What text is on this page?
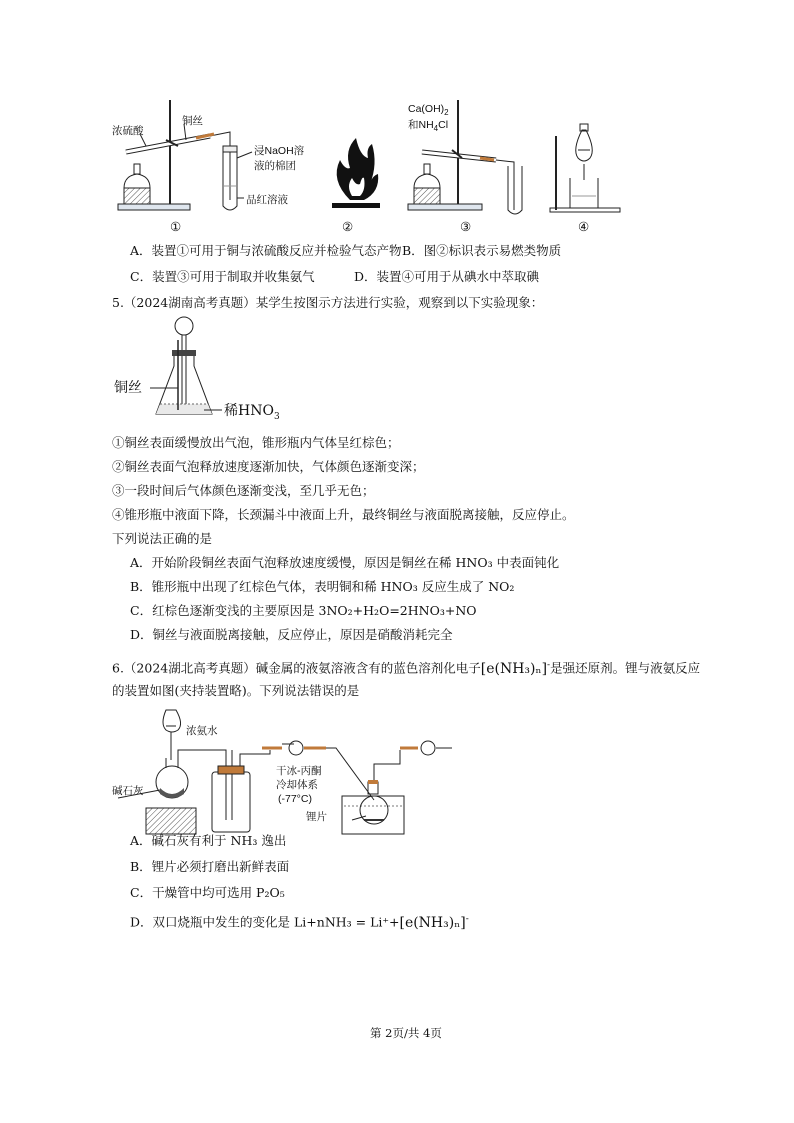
浓硫酸
铜丝
浸NaOH溶
液的棉团
品红溶液
$Ca(OH)_2$
和$NH_4Cl$
①	②	③	④
A．装置①可用于铜与浓硫酸反应并检验气态产物 B．图②标识表示易燃类物质
C．装置③可用于制取并收集氨气	D．装置④可用于从碘水中萃取碘
5.（2024湖南高考真题）某学生按图示方法进行实验，观察到以下实验现象：
铜丝
稀$HNO_3$
①铜丝表面缓慢放出气泡，锥形瓶内气体呈红棕色；
②铜丝表面气泡释放速度逐渐加快，气体颜色逐渐变深；
③一段时间后气体颜色逐渐变浅，至几乎无色；
④锥形瓶中液面下降，长颈漏斗中液面上升，最终铜丝与液面脱离接触，反应停止。
下列说法正确的是
A．开始阶段铜丝表面气泡释放速度缓慢，原因是铜丝在稀 HNO₃ 中表面钝化
B．锥形瓶中出现了红棕色气体，表明铜和稀 HNO₃ 反应生成了 NO₂
C．红棕色逐渐变浅的主要原因是 3NO₂+H₂O=2HNO₃+NO
D．铜丝与液面脱离接触，反应停止，原因是硝酸消耗完全
6.（2024湖北高考真题）碱金属的液氨溶液含有的蓝色溶剂化电子[e(NH₃)ₙ]-是强还原剂。锂与液氨反应
的装置如图(夹持装置略)。下列说法错误的是
浓氨水
碱石灰
干冰-丙酮
冷却体系
(-77°C)
锂片
A．碱石灰有利于 NH₃ 逸出
B．锂片必须打磨出新鲜表面
C．干燥管中均可选用 P₂O₅
D．双口烧瓶中发生的变化是 Li+nNH₃ = Li⁺+[e(NH₃)ₙ]-
第 2页/共 4页
